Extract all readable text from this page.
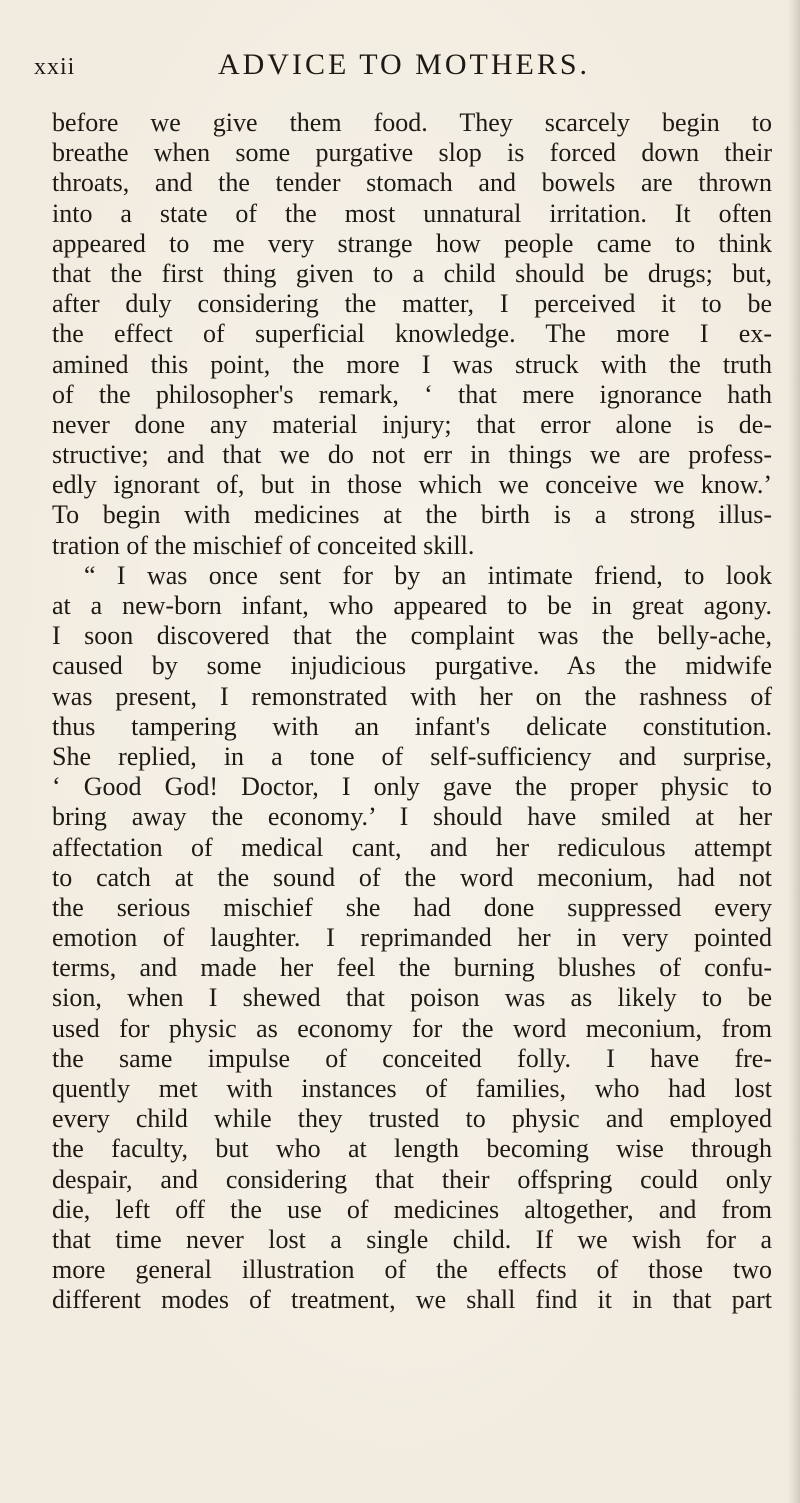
xxii	ADVICE TO MOTHERS.
before we give them food. They scarcely begin to
breathe when some purgative slop is forced down their
throats, and the tender stomach and bowels are thrown
into a state of the most unnatural irritation. It often
appeared to me very strange how people came to think
that the first thing given to a child should be drugs; but,
after duly considering the matter, I perceived it to be
the effect of superficial knowledge. The more I ex-
amined this point, the more I was struck with the truth
of the philosopher's remark, ‘ that mere ignorance hath
never done any material injury; that error alone is de-
structive; and that we do not err in things we are profess-
edly ignorant of, but in those which we conceive we know.’
To begin with medicines at the birth is a strong illus-
tration of the mischief of conceited skill.
“ I was once sent for by an intimate friend, to look
at a new-born infant, who appeared to be in great agony.
I soon discovered that the complaint was the belly-ache,
caused by some injudicious purgative. As the midwife
was present, I remonstrated with her on the rashness of
thus tampering with an infant's delicate constitution.
She replied, in a tone of self-sufficiency and surprise,
‘ Good God! Doctor, I only gave the proper physic to
bring away the economy.’ I should have smiled at her
affectation of medical cant, and her rediculous attempt
to catch at the sound of the word meconium, had not
the serious mischief she had done suppressed every
emotion of laughter. I reprimanded her in very pointed
terms, and made her feel the burning blushes of confu-
sion, when I shewed that poison was as likely to be
used for physic as economy for the word meconium, from
the same impulse of conceited folly. I have fre-
quently met with instances of families, who had lost
every child while they trusted to physic and employed
the faculty, but who at length becoming wise through
despair, and considering that their offspring could only
die, left off the use of medicines altogether, and from
that time never lost a single child. If we wish for a
more general illustration of the effects of those two
different modes of treatment, we shall find it in that part
